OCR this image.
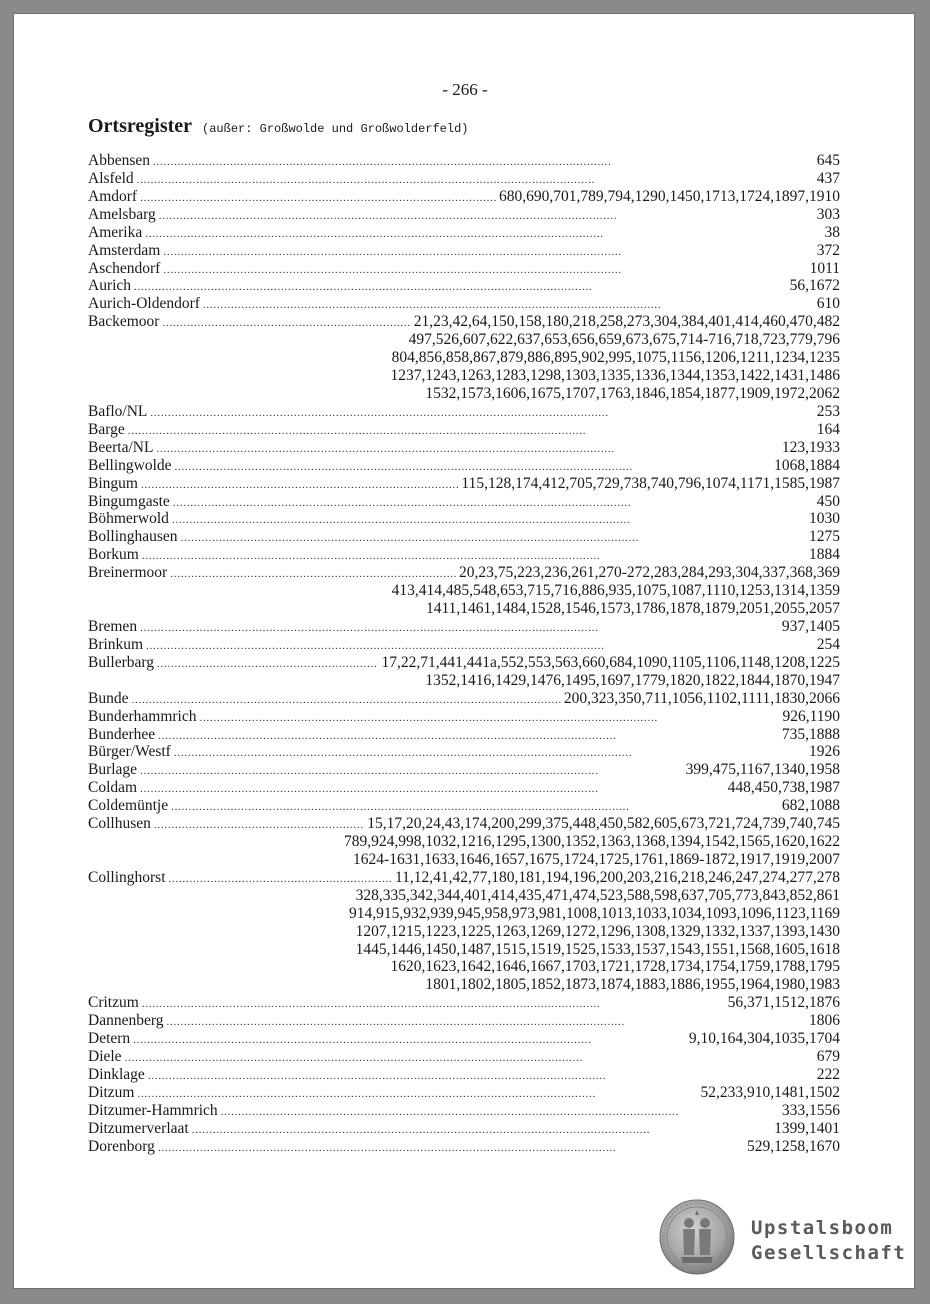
- 266 -
Ortsregister (außer: Großwolde und Großwolderfeld)
Abbensen . . .	645
Alsfeld . . .	437
Amdorf . . .	680,690,701,789,794,1290,1450,1713,1724,1897,1910
Amelsbarg . . .	303
Amerika . . .	38
Amsterdam . . .	372
Aschendorf . . .	1011
Aurich . . .	56,1672
Aurich-Oldendorf . . .	610
Backemoor . . .	21,23,42,64,150,158,180,218,258,273,304,384,401,414,460,470,482
497,526,607,622,637,653,656,659,673,675,714-716,718,723,779,796
804,856,858,867,879,886,895,902,995,1075,1156,1206,1211,1234,1235
1237,1243,1263,1283,1298,1303,1335,1336,1344,1353,1422,1431,1486
1532,1573,1606,1675,1707,1763,1846,1854,1877,1909,1972,2062
Baflo/NL . . .	253
Barge . . .	164
Beerta/NL . . .	123,1933
Bellingwolde . . .	1068,1884
Bingum . . .	115,128,174,412,705,729,738,740,796,1074,1171,1585,1987
Bingumgaste . . .	450
Böhmerwold . . .	1030
Bollinghausen . . .	1275
Borkum . . .	1884
Breinermoor . . .	20,23,75,223,236,261,270-272,283,284,293,304,337,368,369
413,414,485,548,653,715,716,886,935,1075,1087,1110,1253,1314,1359
1411,1461,1484,1528,1546,1573,1786,1878,1879,2051,2055,2057
Bremen . . .	937,1405
Brinkum . . .	254
Bullerbarg . . .	17,22,71,441,441a,552,553,563,660,684,1090,1105,1106,1148,1208,1225
1352,1416,1429,1476,1495,1697,1779,1820,1822,1844,1870,1947
Bunde . . .	200,323,350,711,1056,1102,1111,1830,2066
Bunderhammrich . . .	926,1190
Bunderhee . . .	735,1888
Bürger/Westf . . .	1926
Burlage . . .	399,475,1167,1340,1958
Coldam . . .	448,450,738,1987
Coldemüntje . . .	682,1088
Collhusen . . .	15,17,20,24,43,174,200,299,375,448,450,582,605,673,721,724,739,740,745
789,924,998,1032,1216,1295,1300,1352,1363,1368,1394,1542,1565,1620,1622
1624-1631,1633,1646,1657,1675,1724,1725,1761,1869-1872,1917,1919,2007
Collinghorst . . .	11,12,41,42,77,180,181,194,196,200,203,216,218,246,247,274,277,278
328,335,342,344,401,414,435,471,474,523,588,598,637,705,773,843,852,861
914,915,932,939,945,958,973,981,1008,1013,1033,1034,1093,1096,1123,1169
1207,1215,1223,1225,1263,1269,1272,1296,1308,1329,1332,1337,1393,1430
1445,1446,1450,1487,1515,1519,1525,1533,1537,1543,1551,1568,1605,1618
1620,1623,1642,1646,1667,1703,1721,1728,1734,1754,1759,1788,1795
1801,1802,1805,1852,1873,1874,1883,1886,1955,1964,1980,1983
Critzum . . .	56,371,1512,1876
Dannenberg . . .	1806
Detern . . .	9,10,164,304,1035,1704
Diele . . .	679
Dinklage . . .	222
Ditzum . . .	52,233,910,1481,1502
Ditzumer-Hammrich . . .	333,1556
Ditzumerverlaat . . .	1399,1401
Dorenborg . . .	529,1258,1670
Upstalsboom
Gesellschaft
